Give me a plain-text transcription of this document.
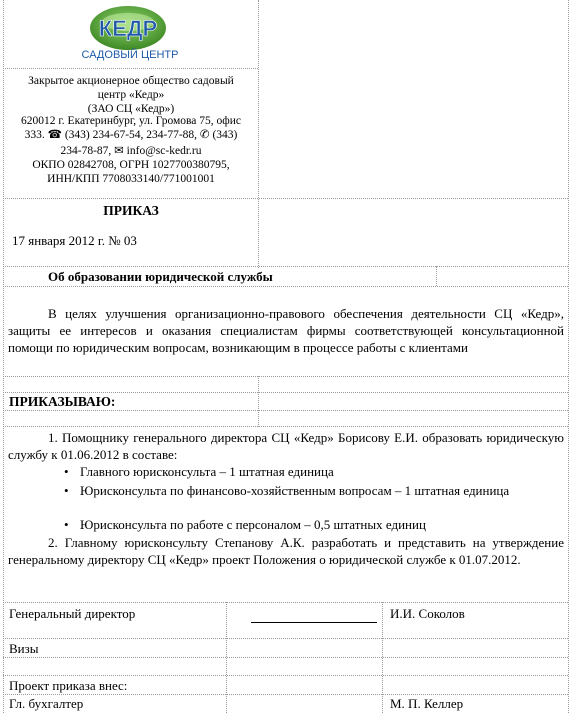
КЕДР
САДОВЫЙ ЦЕНТР
Закрытое акционерное общество садовый
центр «Кедр»
(ЗАО СЦ «Кедр»)
620012 г. Екатеринбург, ул. Громова 75, офис
333. ☎ (343) 234-67-54, 234-77-88, ✆ (343)
234-78-87, ✉ info@sc-kedr.ru
ОКПО 02842708, ОГРН 1027700380795,
ИНН/КПП 7708033140/771001001
ПРИКАЗ
17 января 2012 г. № 03
Об образовании юридической службы
В целях улучшения организационно-правового обеспечения деятельности СЦ «Кедр», защиты ее интересов и оказания специалистам фирмы соответствующей консультационной помощи по юридическим вопросам, возникающим в процессе работы с клиентами
ПРИКАЗЫВАЮ:
1. Помощнику генерального директора СЦ «Кедр» Борисову Е.И. образовать юридическую службу к 01.06.2012 в составе:
• Главного юрисконсульта – 1 штатная единица
• Юрисконсульта по финансово-хозяйственным вопросам – 1 штатная единица
• Юрисконсульта по работе с персоналом – 0,5 штатных единиц
2. Главному юрисконсульту Степанову А.К. разработать и представить на утверждение генеральному директору СЦ «Кедр» проект Положения о юридической службе к 01.07.2012.
Генеральный директор	И.И. Соколов
Визы
Проект приказа внес:
Гл. бухгалтер	М. П. Келлер
